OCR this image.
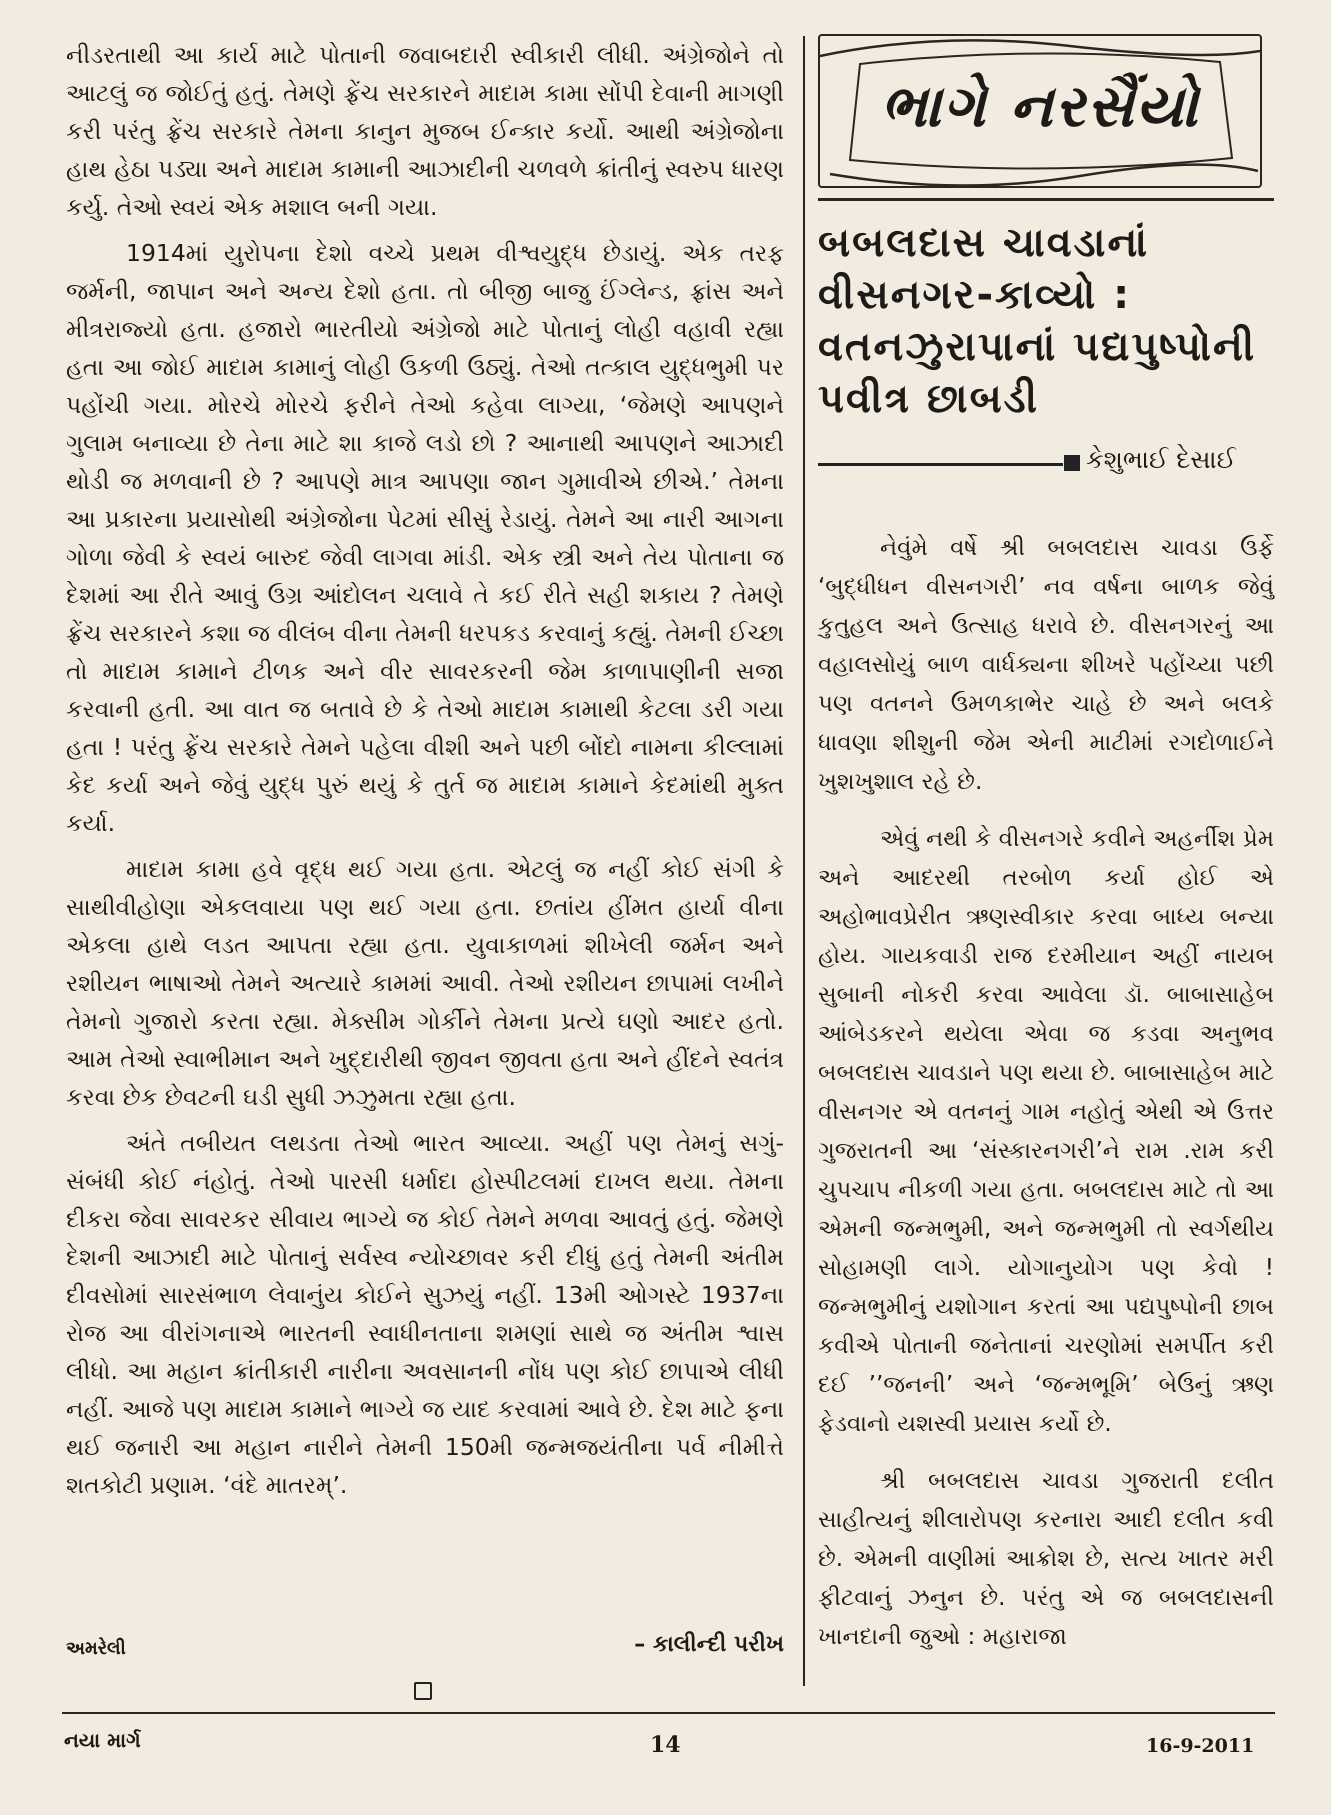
નીડરતાથી આ કાર્ય માટે પોતાની જવાબદારી સ્વીકારી લીધી. અંગ્રેજોને તો આટલું જ જોઈતું હતું. તેમણે ફ્રેંચ સરકારને માદામ કામા સોંપી દેવાની માગણી કરી પરંતુ ફ્રેંચ સરકારે તેમના કાનુન મુજબ ઈન્કાર કર્યો. આથી અંગ્રેજોના હાથ હેઠા પડ્યા અને માદામ કામાની આઝાદીની ચળવળે ક્રાંતીનું સ્વરુપ ધારણ કર્યુ. તેઓ સ્વયં એક મશાલ બની ગયા.

1914માં યુરોપના દેશો વચ્ચે પ્રથમ વીશ્વયુદ્ધ છેડાયું. એક તરફ જર્મની, જાપાન અને અન્ય દેશો હતા. તો બીજી બાજુ ઈંગ્લેન્ડ, ફ્રાંસ અને મીત્રરાજ્યો હતા. હજારો ભારતીયો અંગ્રેજો માટે પોતાનું લોહી વહાવી રહ્યા હતા આ જોઈ માદામ કામાનું લોહી ઉકળી ઉઠ્યું. તેઓ તત્કાલ યુદ્ધભુમી પર પહોંચી ગયા. મોરચે મોરચે ફરીને તેઓ કહેવા લાગ્યા, ‘જેમણે આપણને ગુલામ બનાવ્યા છે તેના માટે શા કાજે લડો છો ? આનાથી આપણને આઝાદી થોડી જ મળવાની છે ? આપણે માત્ર આપણા જાન ગુમાવીએ છીએ.’ તેમના આ પ્રકારના પ્રયાસોથી અંગ્રેજોના પેટમાં સીસું રેડાયું. તેમને આ નારી આગના ગોળા જેવી કે સ્વયં બારુદ જેવી લાગવા માંડી. એક સ્ત્રી અને તેય પોતાના જ દેશમાં આ રીતે આવું ઉગ્ર આંદોલન ચલાવે તે કઈ રીતે સહી શકાય ? તેમણે ફ્રેંચ સરકારને કશા જ વીલંબ વીના તેમની ધરપકડ કરવાનું કહ્યું. તેમની ઈચ્છા તો માદામ કામાને ટીળક અને વીર સાવરકરની જેમ કાળાપાણીની સજા કરવાની હતી. આ વાત જ બતાવે છે કે તેઓ માદામ કામાથી કેટલા ડરી ગયા હતા ! પરંતુ ફ્રેંચ સરકારે તેમને પહેલા વીશી અને પછી બોંદો નામના કીલ્લામાં કેદ કર્યા અને જેવું યુદ્ધ પુરું થયું કે તુર્ત જ માદામ કામાને કેદમાંથી મુક્ત કર્યા.

માદામ કામા હવે વૃદ્ધ થઈ ગયા હતા. એટલું જ નહીં કોઈ સંગી કે સાથીવીહોણા એકલવાયા પણ થઈ ગયા હતા. છતાંય હીંમત હાર્યા વીના એકલા હાથે લડત આપતા રહ્યા હતા. યુવાકાળમાં શીખેલી જર્મન અને રશીયન ભાષાઓ તેમને અત્યારે કામમાં આવી. તેઓ રશીયન છાપામાં લખીને તેમનો ગુજારો કરતા રહ્યા. મેક્સીમ ગોર્કીને તેમના પ્રત્યે ઘણો આદર હતો. આમ તેઓ સ્વાભીમાન અને ખુદ્દારીથી જીવન જીવતા હતા અને હીંદને સ્વતંત્ર કરવા છેક છેવટની ઘડી સુધી ઝઝુમતા રહ્યા હતા.

અંતે તબીયત લથડતા તેઓ ભારત આવ્યા. અહીં પણ તેમનું સગું-સંબંધી કોઈ નંહોતું. તેઓ પારસી ધર્માદા હોસ્પીટલમાં દાખલ થયા. તેમના દીકરા જેવા સાવરકર સીવાય ભાગ્યે જ કોઈ તેમને મળવા આવતું હતું. જેમણે દેશની આઝાદી માટે પોતાનું સર્વસ્વ ન્યોચ્છાવર કરી દીધું હતું તેમની અંતીમ દીવસોમાં સારસંભાળ લેવાનુંય કોઈને સુઝયું નહીં. 13મી ઓગસ્ટે 1937ના રોજ આ વીરાંગનાએ ભારતની સ્વાધીનતાના શમણાં સાથે જ અંતીમ શ્વાસ લીધો. આ મહાન ક્રાંતીકારી નારીના અવસાનની નોંધ પણ કોઈ છાપાએ લીધી નહીં. આજે પણ માદામ કામાને ભાગ્યે જ યાદ કરવામાં આવે છે. દેશ માટે ફના થઈ જનારી આ મહાન નારીને તેમની 150મી જન્મજયંતીના પર્વ નીમીત્તે શતકોટી પ્રણામ. ‘વંદે માતરમ્’.

અમરેલી	– કાલીન્દી પરીખ
ભાગે નરસૈંયો
બબલદાસ ચાવડાનાં વીસનગર-કાવ્યો : વતનઝુરાપાનાં પદ્યપુષ્પોની પવીત્ર છાબડી
કેશુભાઈ દેસાઈ

નેવુંમે વર્ષે શ્રી બબલદાસ ચાવડા ઉર્ફે ‘બુદ્ધીધન વીસનગરી’ નવ વર્ષના બાળક જેવું કુતુહલ અને ઉત્સાહ ધરાવે છે. વીસનગરનું આ વહાલસોયું બાળ વાર્ધક્યના શીખરે પહોંચ્યા પછી પણ વતનને ઉમળકાભેર ચાહે છે અને બલકે ધાવણા શીશુની જેમ એની માટીમાં રગદોળાઈને ખુશખુશાલ રહે છે.

એવું નથી કે વીસનગરે કવીને અહર્નીશ પ્રેમ અને આદરથી તરબોળ કર્યા હોઈ એ અહોભાવપ્રેરીત ઋણસ્વીકાર કરવા બાધ્ય બન્યા હોય. ગાયકવાડી રાજ દરમીયાન અહીં નાયબ સુબાની નોકરી કરવા આવેલા ડૉ. બાબાસાહેબ આંબેડકરને થયેલા એવા જ કડવા અનુભવ બબલદાસ ચાવડાને પણ થયા છે. બાબાસાહેબ માટે વીસનગર એ વતનનું ગામ નહોતું એથી એ ઉત્તર ગુજરાતની આ ‘સંસ્કારનગરી’ને રામ .રામ કરી ચુપચાપ નીકળી ગયા હતા. બબલદાસ માટે તો આ એમની જન્મભુમી, અને જન્મભુમી તો સ્વર્ગથીય સોહામણી લાગે. યોગાનુયોગ પણ કેવો ! જન્મભુમીનું યશોગાન કરતાં આ પદ્યપુષ્પોની છાબ કવીએ પોતાની જનેતાનાં ચરણોમાં સમર્પીત કરી દઈ ’’જનની’ અને ‘જન્મભૂમિ’ બેઉનું ઋણ ફેડવાનો યશસ્વી પ્રયાસ કર્યો છે.

શ્રી બબલદાસ ચાવડા ગુજરાતી દલીત સાહીત્યનું શીલારોપણ કરનારા આદી દલીત કવી છે. એમની વાણીમાં આક્રોશ છે, સત્ય ખાતર મરી ફીટવાનું ઝનુન છે. પરંતુ એ જ બબલદાસની ખાનદાની જુઓ : મહારાજા

નયા માર્ગ	14	16-9-2011
